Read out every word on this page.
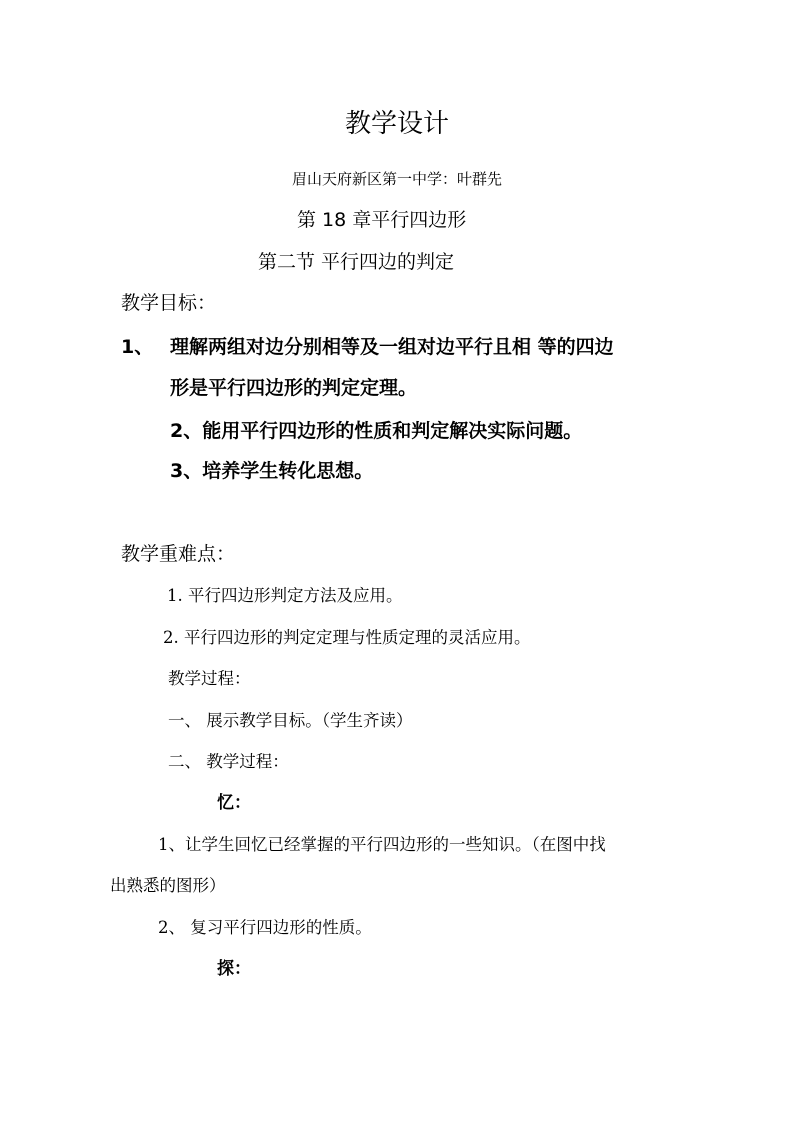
教学设计
眉山天府新区第一中学：叶群先
第 18 章平行四边形
第二节 平行四边的判定
教学目标：
1、 理解两组对边分别相等及一组对边平行且相 等的四边
形是平行四边形的判定定理。
2、能用平行四边形的性质和判定解决实际问题。
3、培养学生转化思想。
教学重难点：
1. 平行四边形判定方法及应用。
2. 平行四边形的判定定理与性质定理的灵活应用。
教学过程：
一、 展示教学目标。（学生齐读）
二、 教学过程：
忆：
1、让学生回忆已经掌握的平行四边形的一些知识。（在图中找
出熟悉的图形）
2、 复习平行四边形的性质。
探：
